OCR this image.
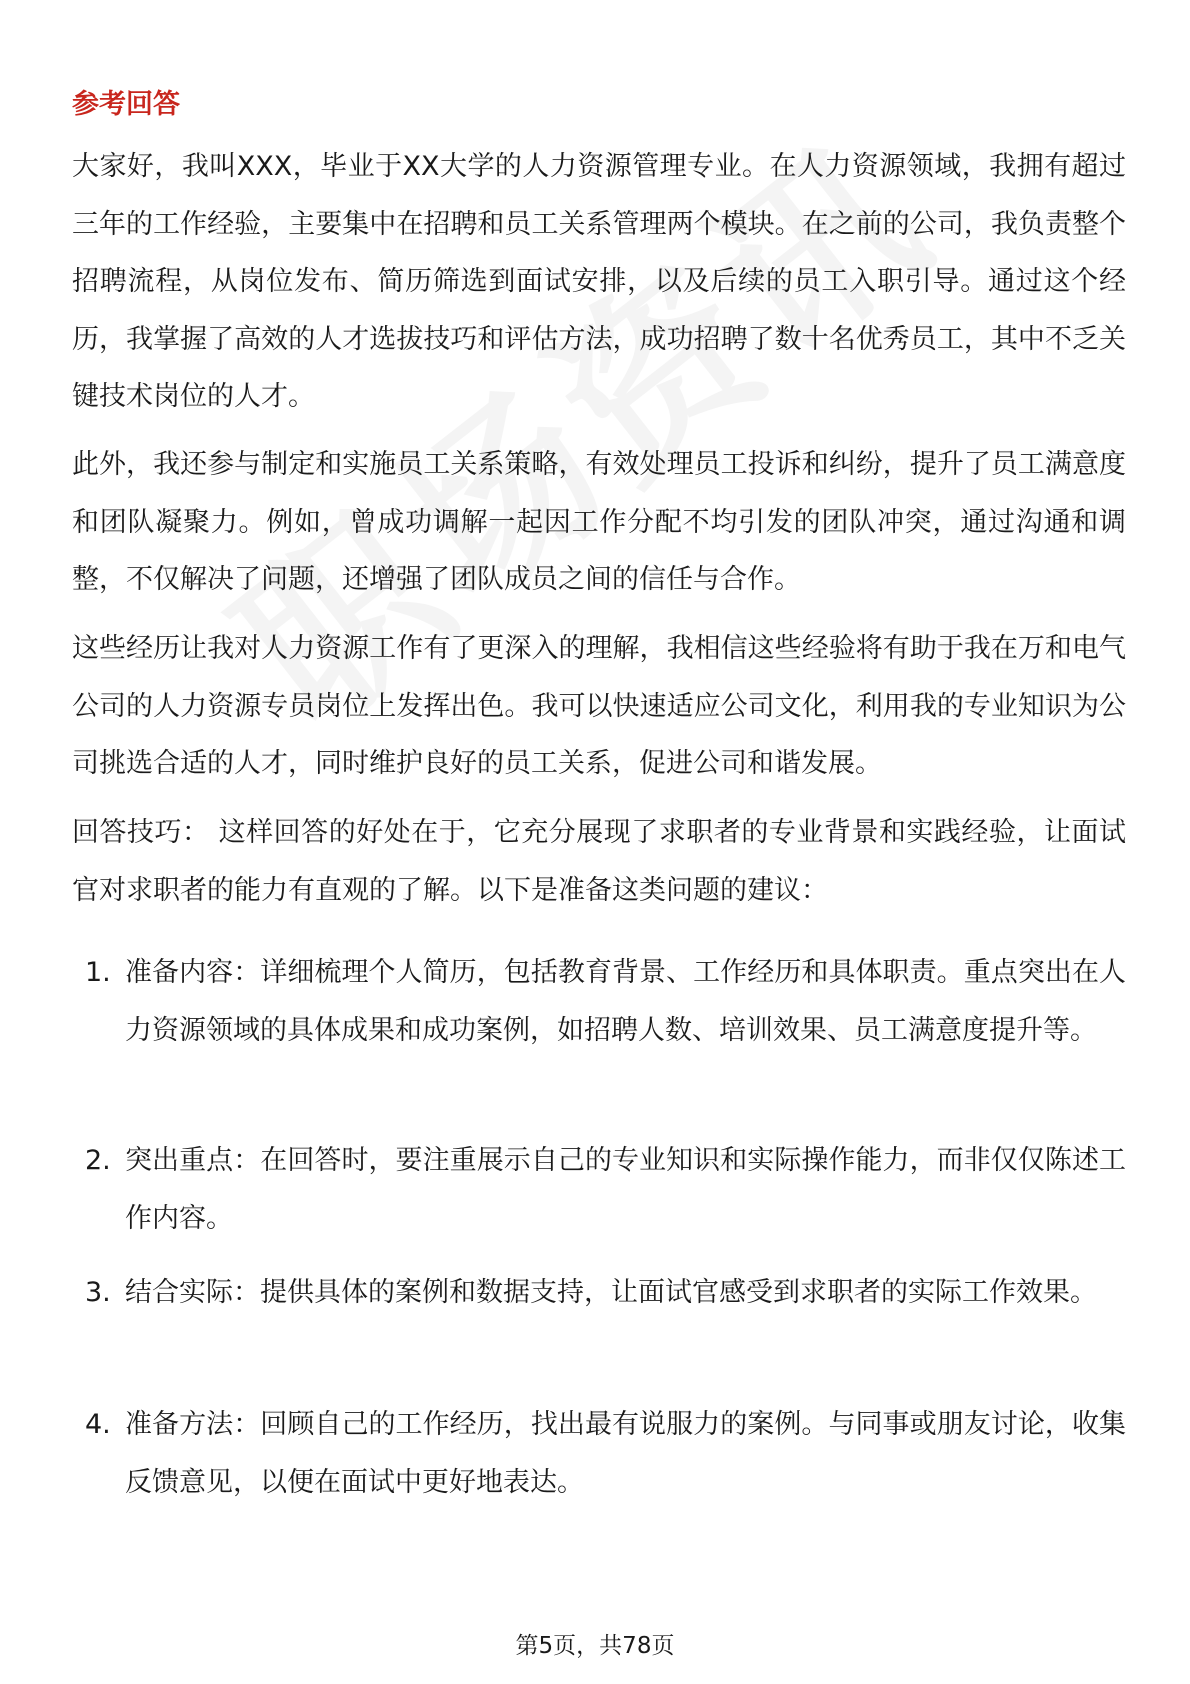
参考回答

大家好，我叫XXX，毕业于XX大学的人力资源管理专业。在人力资源领域，我拥有超过三年的工作经验，主要集中在招聘和员工关系管理两个模块。在之前的公司，我负责整个招聘流程，从岗位发布、简历筛选到面试安排，以及后续的员工入职引导。通过这个经历，我掌握了高效的人才选拔技巧和评估方法，成功招聘了数十名优秀员工，其中不乏关键技术岗位的人才。

此外，我还参与制定和实施员工关系策略，有效处理员工投诉和纠纷，提升了员工满意度和团队凝聚力。例如，曾成功调解一起因工作分配不均引发的团队冲突，通过沟通和调整，不仅解决了问题，还增强了团队成员之间的信任与合作。

这些经历让我对人力资源工作有了更深入的理解，我相信这些经验将有助于我在万和电气公司的人力资源专员岗位上发挥出色。我可以快速适应公司文化，利用我的专业知识为公司挑选合适的人才，同时维护良好的员工关系，促进公司和谐发展。

回答技巧： 这样回答的好处在于，它充分展现了求职者的专业背景和实践经验，让面试官对求职者的能力有直观的了解。以下是准备这类问题的建议：

1. 准备内容：详细梳理个人简历，包括教育背景、工作经历和具体职责。重点突出在人力资源领域的具体成果和成功案例，如招聘人数、培训效果、员工满意度提升等。
2. 突出重点：在回答时，要注重展示自己的专业知识和实际操作能力，而非仅仅陈述工作内容。
3. 结合实际：提供具体的案例和数据支持，让面试官感受到求职者的实际工作效果。
4. 准备方法：回顾自己的工作经历，找出最有说服力的案例。与同事或朋友讨论，收集反馈意见，以便在面试中更好地表达。
第5页，共78页
